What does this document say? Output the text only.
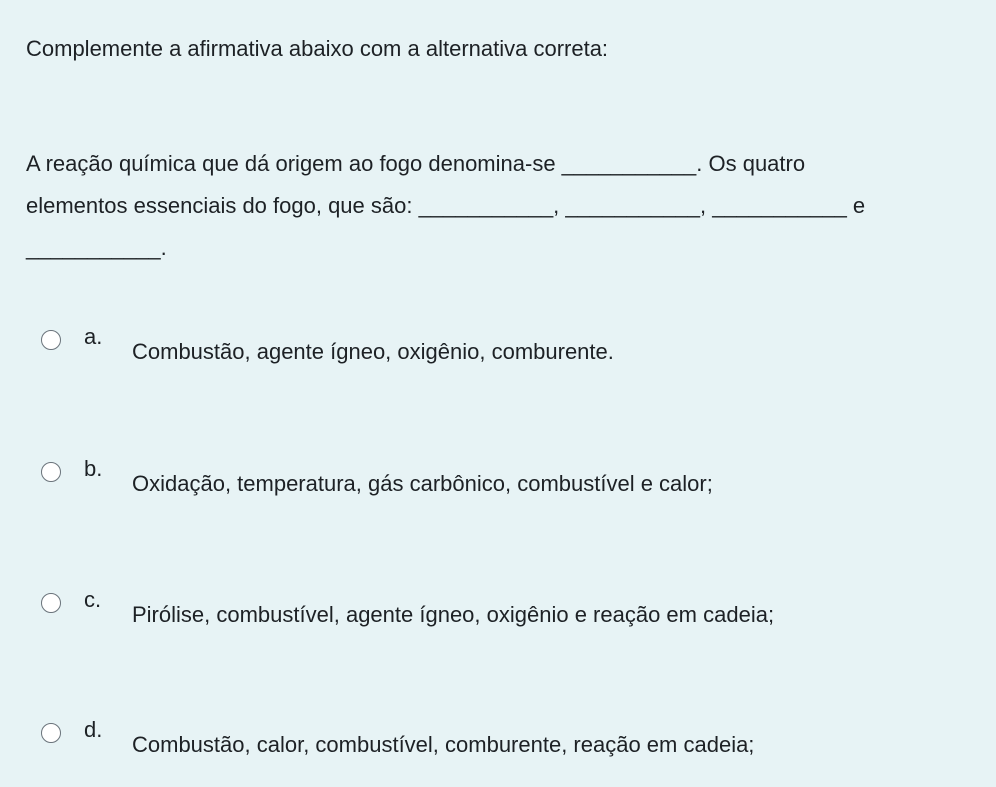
Complemente a afirmativa abaixo com a alternativa correta:

A reação química que dá origem ao fogo denomina-se ___________. Os quatro

elementos essenciais do fogo, que são: ___________, ___________, ___________ e

___________.

a.
Combustão, agente ígneo, oxigênio, comburente.
b.
Oxidação, temperatura, gás carbônico, combustível e calor;
c.
Pirólise, combustível, agente ígneo, oxigênio e reação em cadeia;
d.
Combustão, calor, combustível, comburente, reação em cadeia;
